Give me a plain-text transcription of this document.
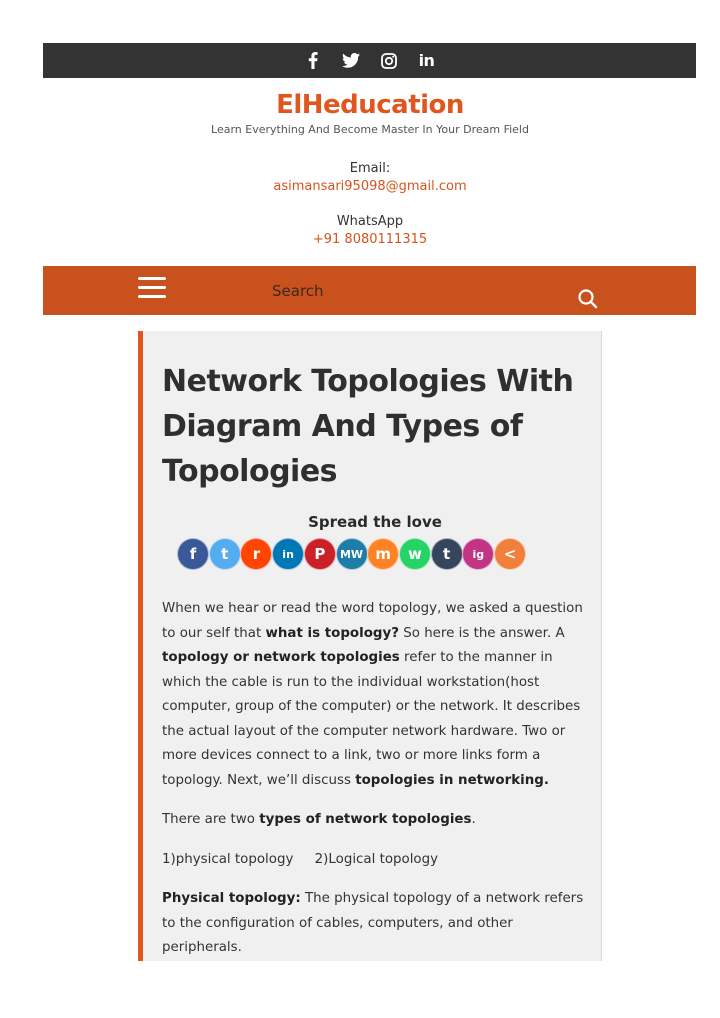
in
ElHeducation
Learn Everything And Become Master In Your Dream Field
Email:
asimansari95098@gmail.com
WhatsApp
+91 8080111315
Search
Network Topologies With Diagram And Types of Topologies
Spread the love
f	t	r	in	P	MW m	w	t	ig	<

When we hear or read the word topology, we asked a question to our self that what is topology? So here is the answer. A topology or network topologies refer to the manner in which the cable is run to the individual workstation(host computer, group of the computer) or the network. It describes the actual layout of the computer network hardware. Two or more devices connect to a link, two or more links form a topology. Next, we’ll discuss topologies in networking.

There are two types of network topologies.

1)physical topology     2)Logical topology

Physical topology: The physical topology of a network refers to the configuration of cables, computers, and other peripherals.
